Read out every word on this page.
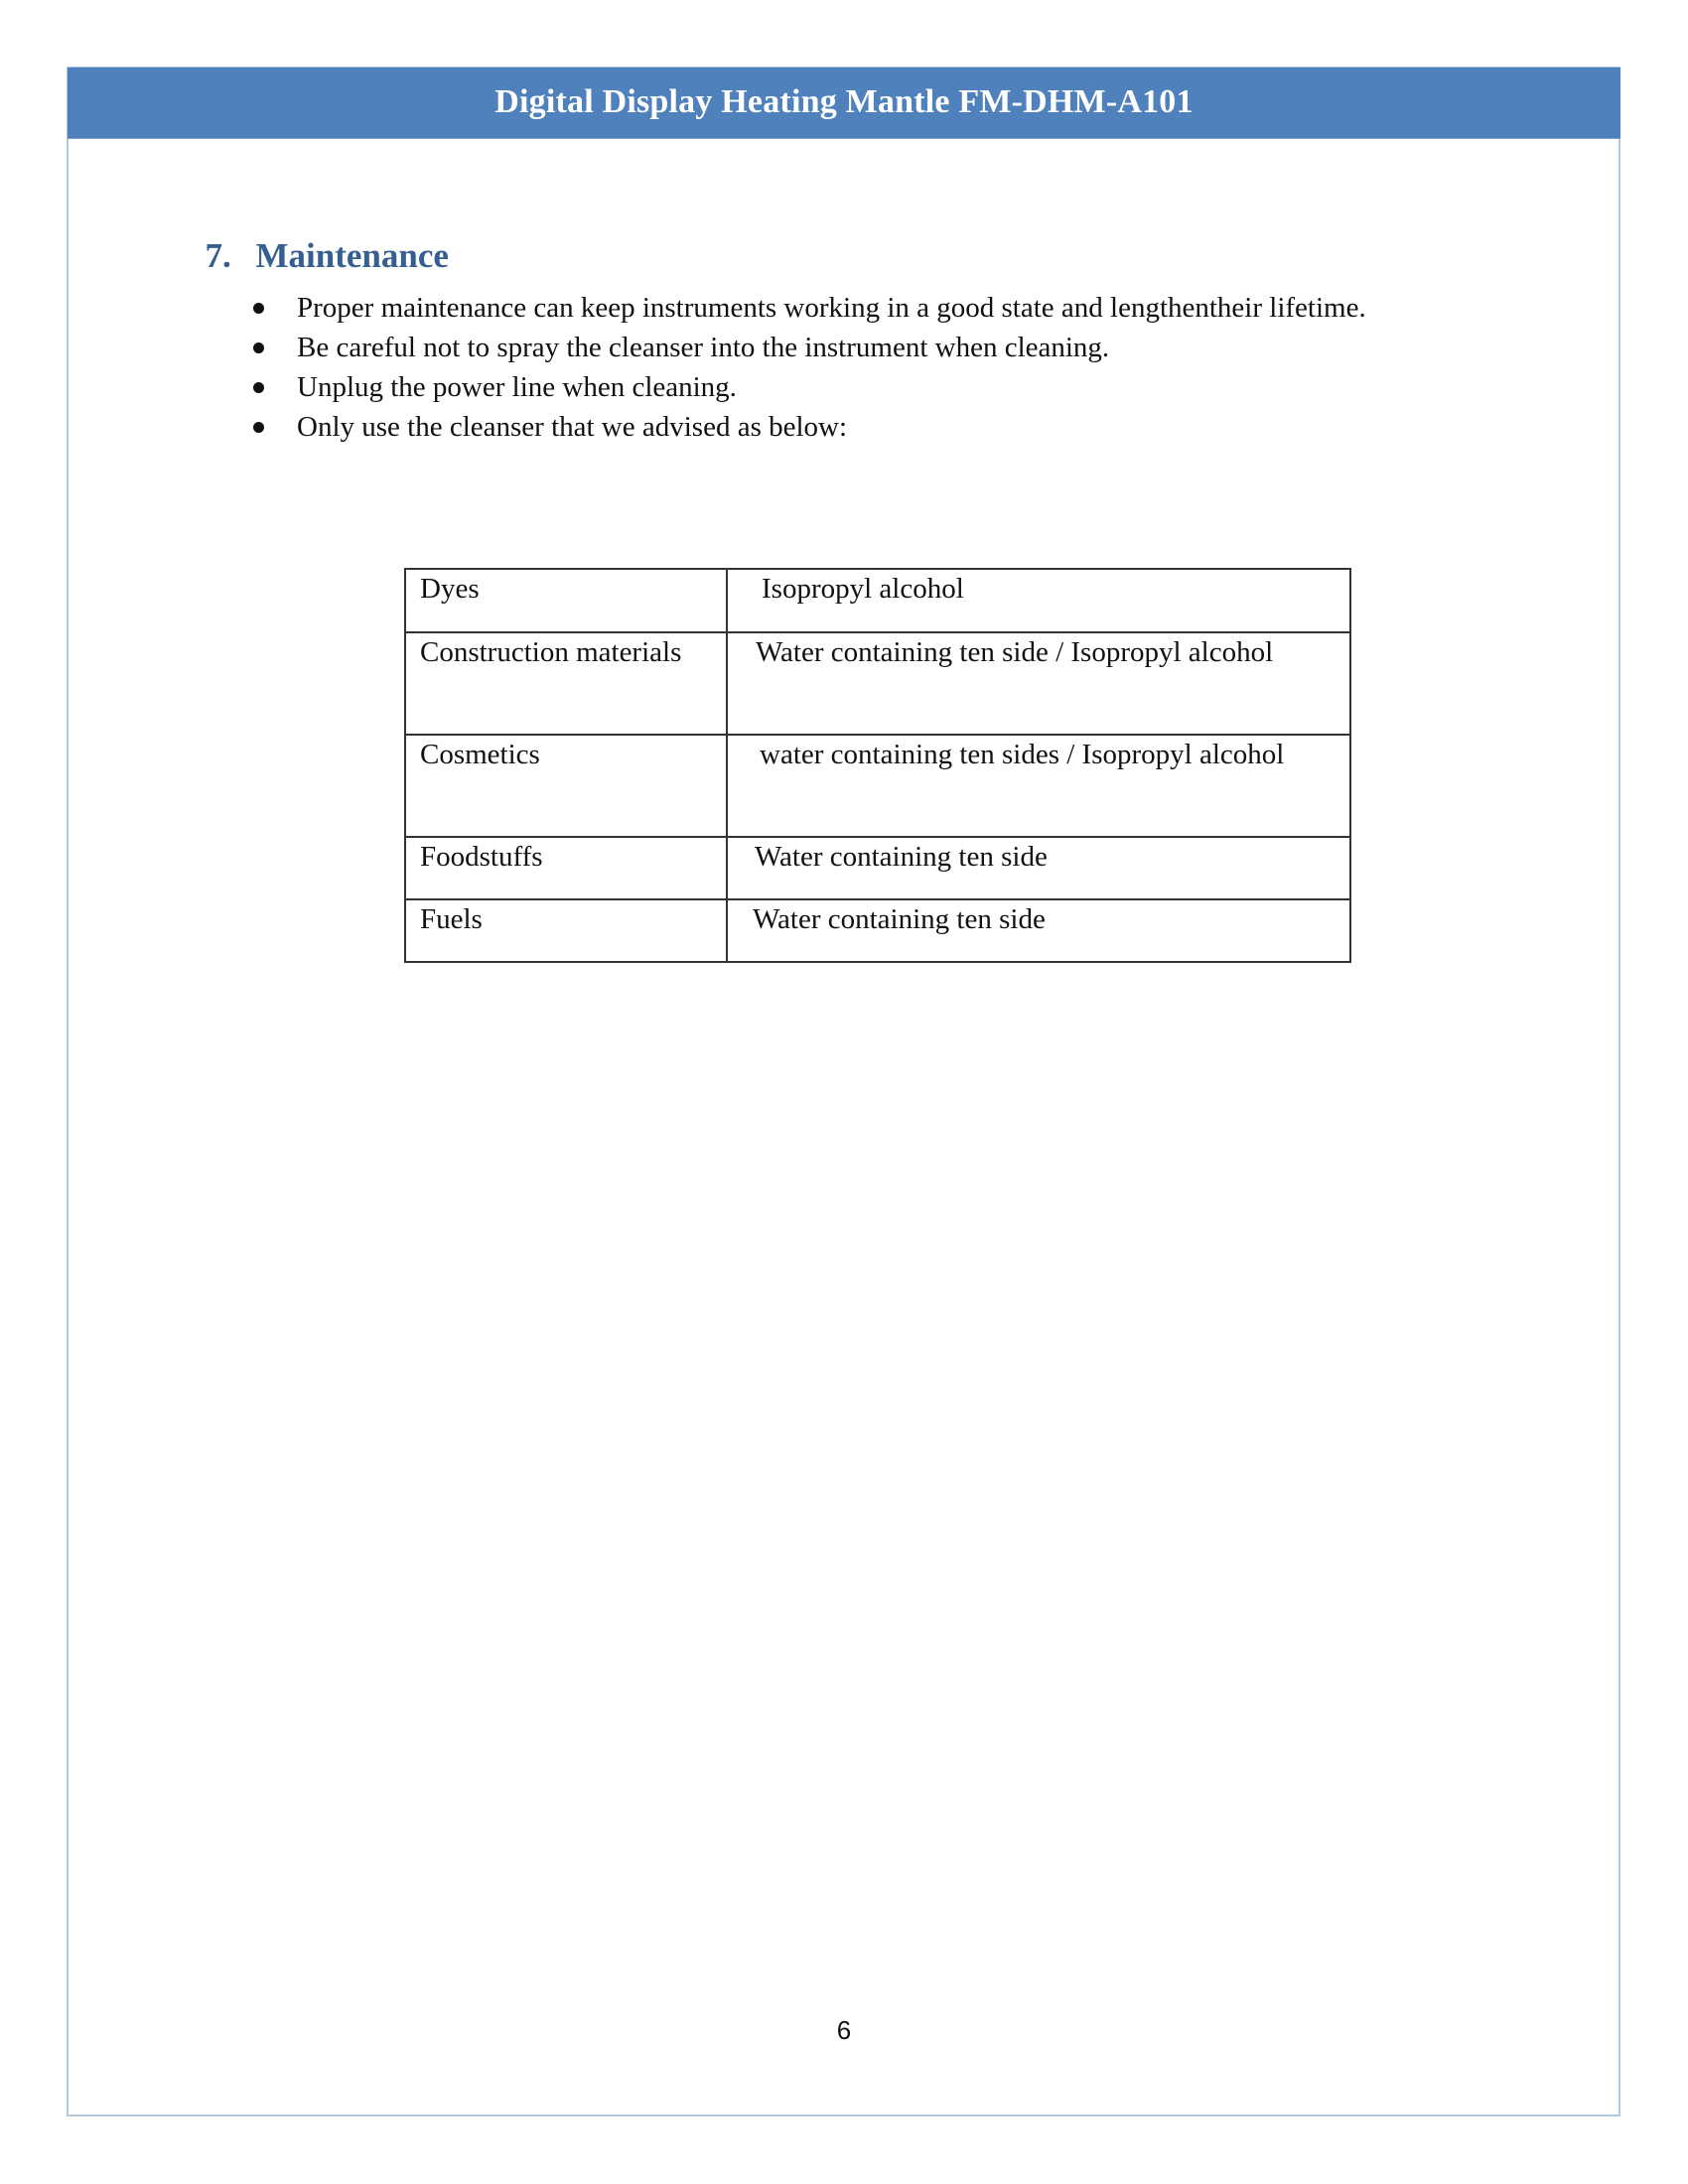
Digital Display Heating Mantle FM-DHM-A101

7. Maintenance

Proper maintenance can keep instruments working in a good state and lengthentheir lifetime.
Be careful not to spray the cleanser into the instrument when cleaning.
Unplug the power line when cleaning.
Only use the cleanser that we advised as below:
Dyes	Isopropyl alcohol
Construction materials	Water containing ten side / Isopropyl alcohol
Cosmetics	water containing ten sides / Isopropyl alcohol
Foodstuffs	Water containing ten side
Fuels	Water containing ten side
6
